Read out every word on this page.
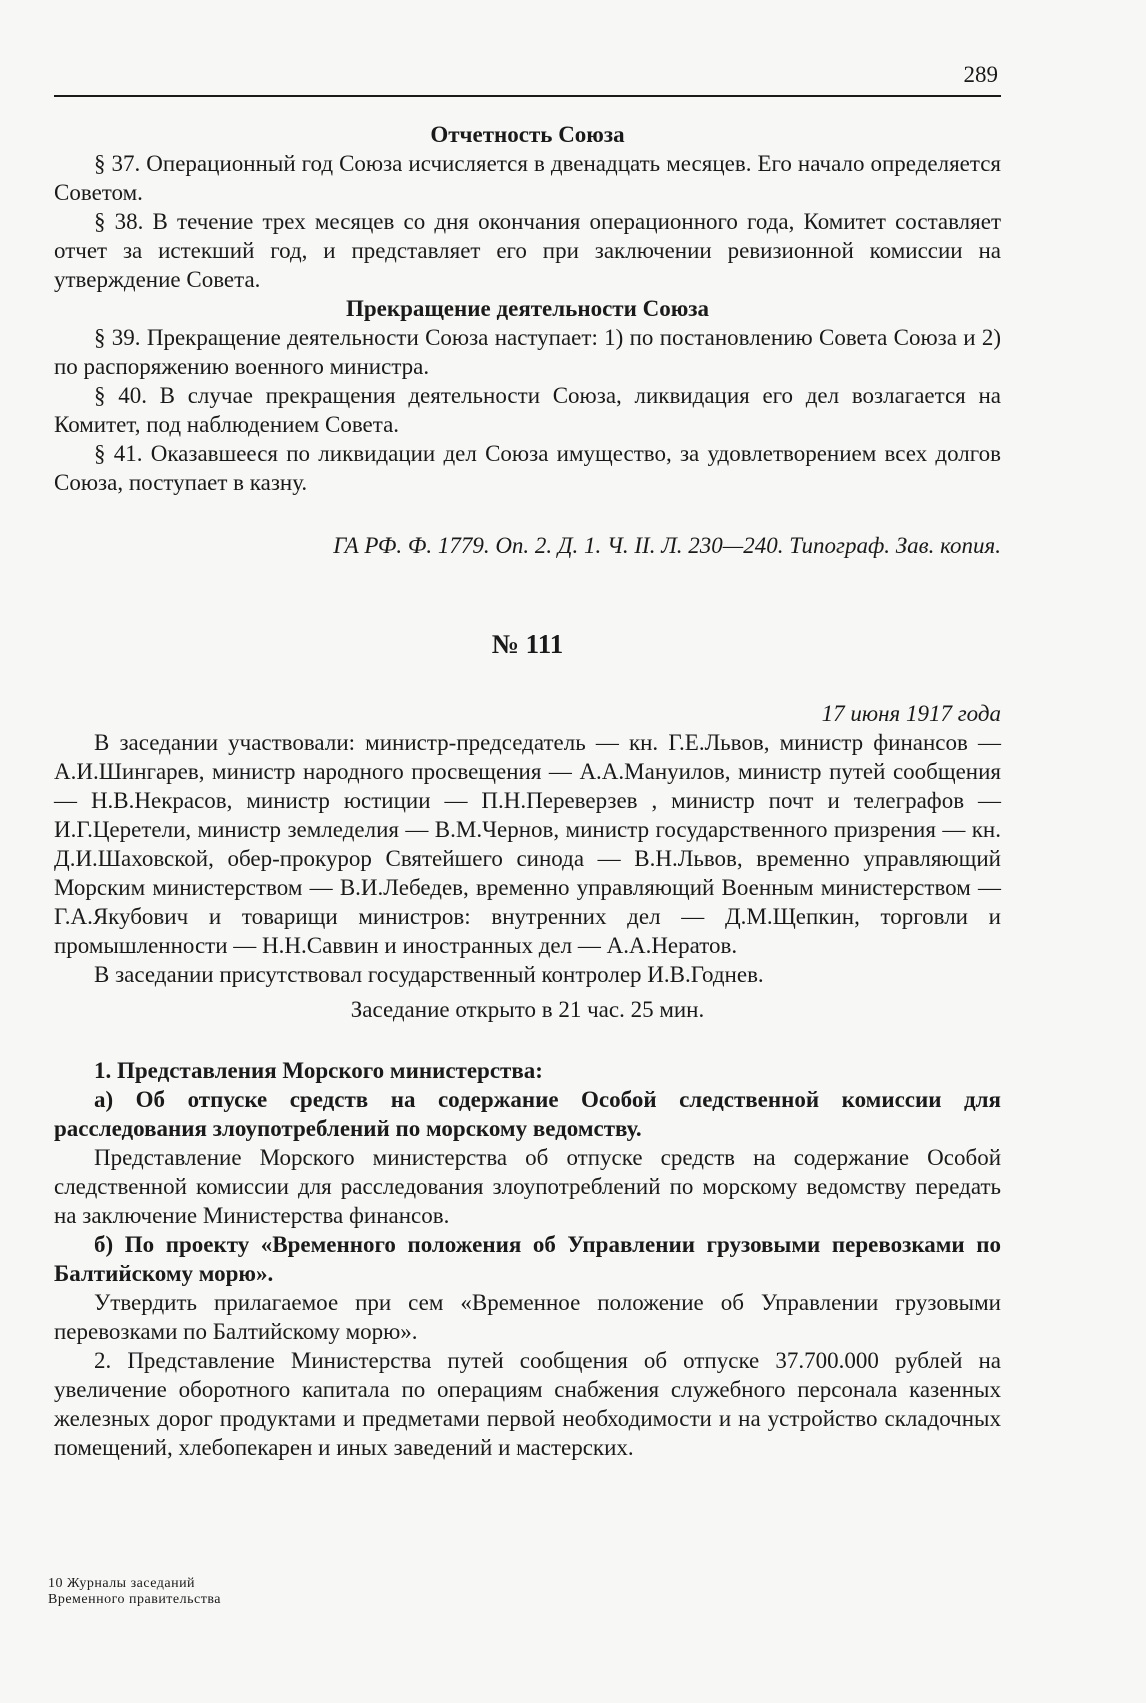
289

Отчетность Союза

§ 37. Операционный год Союза исчисляется в двенадцать месяцев. Его начало определяется Советом.

§ 38. В течение трех месяцев со дня окончания операционного года, Комитет составляет отчет за истекший год, и представляет его при заключении ревизионной комиссии на утверждение Совета.

Прекращение деятельности Союза

§ 39. Прекращение деятельности Союза наступает: 1) по постановлению Совета Союза и 2) по распоряжению военного министра.

§ 40. В случае прекращения деятельности Союза, ликвидация его дел возлагается на Комитет, под наблюдением Совета.

§ 41. Оказавшееся по ликвидации дел Союза имущество, за удовлетворением всех долгов Союза, поступает в казну.

ГА РФ. Ф. 1779. Оп. 2. Д. 1. Ч. II. Л. 230—240. Типограф. Зав. копия.

№ 111

17 июня 1917 года

В заседании участвовали: министр-председатель — кн. Г.Е.Львов, министр финансов — А.И.Шингарев, министр народного просвещения — А.А.Мануилов, министр путей сообщения — Н.В.Некрасов, министр юстиции — П.Н.Переверзев , министр почт и телеграфов — И.Г.Церетели, министр земледелия — В.М.Чернов, министр государственного призрения — кн. Д.И.Шаховской, обер-прокурор Святейшего синода — В.Н.Львов, временно управляющий Морским министерством — В.И.Лебедев, временно управляющий Военным министерством — Г.А.Якубович и товарищи министров: внутренних дел — Д.М.Щепкин, торговли и промышленности — Н.Н.Саввин и иностранных дел — А.А.Нератов.

В заседании присутствовал государственный контролер И.В.Годнев.

Заседание открыто в 21 час. 25 мин.

1. Представления Морского министерства:

а) Об отпуске средств на содержание Особой следственной комиссии для расследования злоупотреблений по морскому ведомству.

Представление Морского министерства об отпуске средств на содержание Особой следственной комиссии для расследования злоупотреблений по морскому ведомству передать на заключение Министерства финансов.

б) По проекту «Временного положения об Управлении грузовыми перевозками по Балтийскому морю».

Утвердить прилагаемое при сем «Временное положение об Управлении грузовыми перевозками по Балтийскому морю».

2. Представление Министерства путей сообщения об отпуске 37.700.000 рублей на увеличение оборотного капитала по операциям снабжения служебного персонала казенных железных дорог продуктами и предметами первой необходимости и на устройство складочных помещений, хлебопекарен и иных заведений и мастерских.

10 Журналы заседаний
Временного правительства
